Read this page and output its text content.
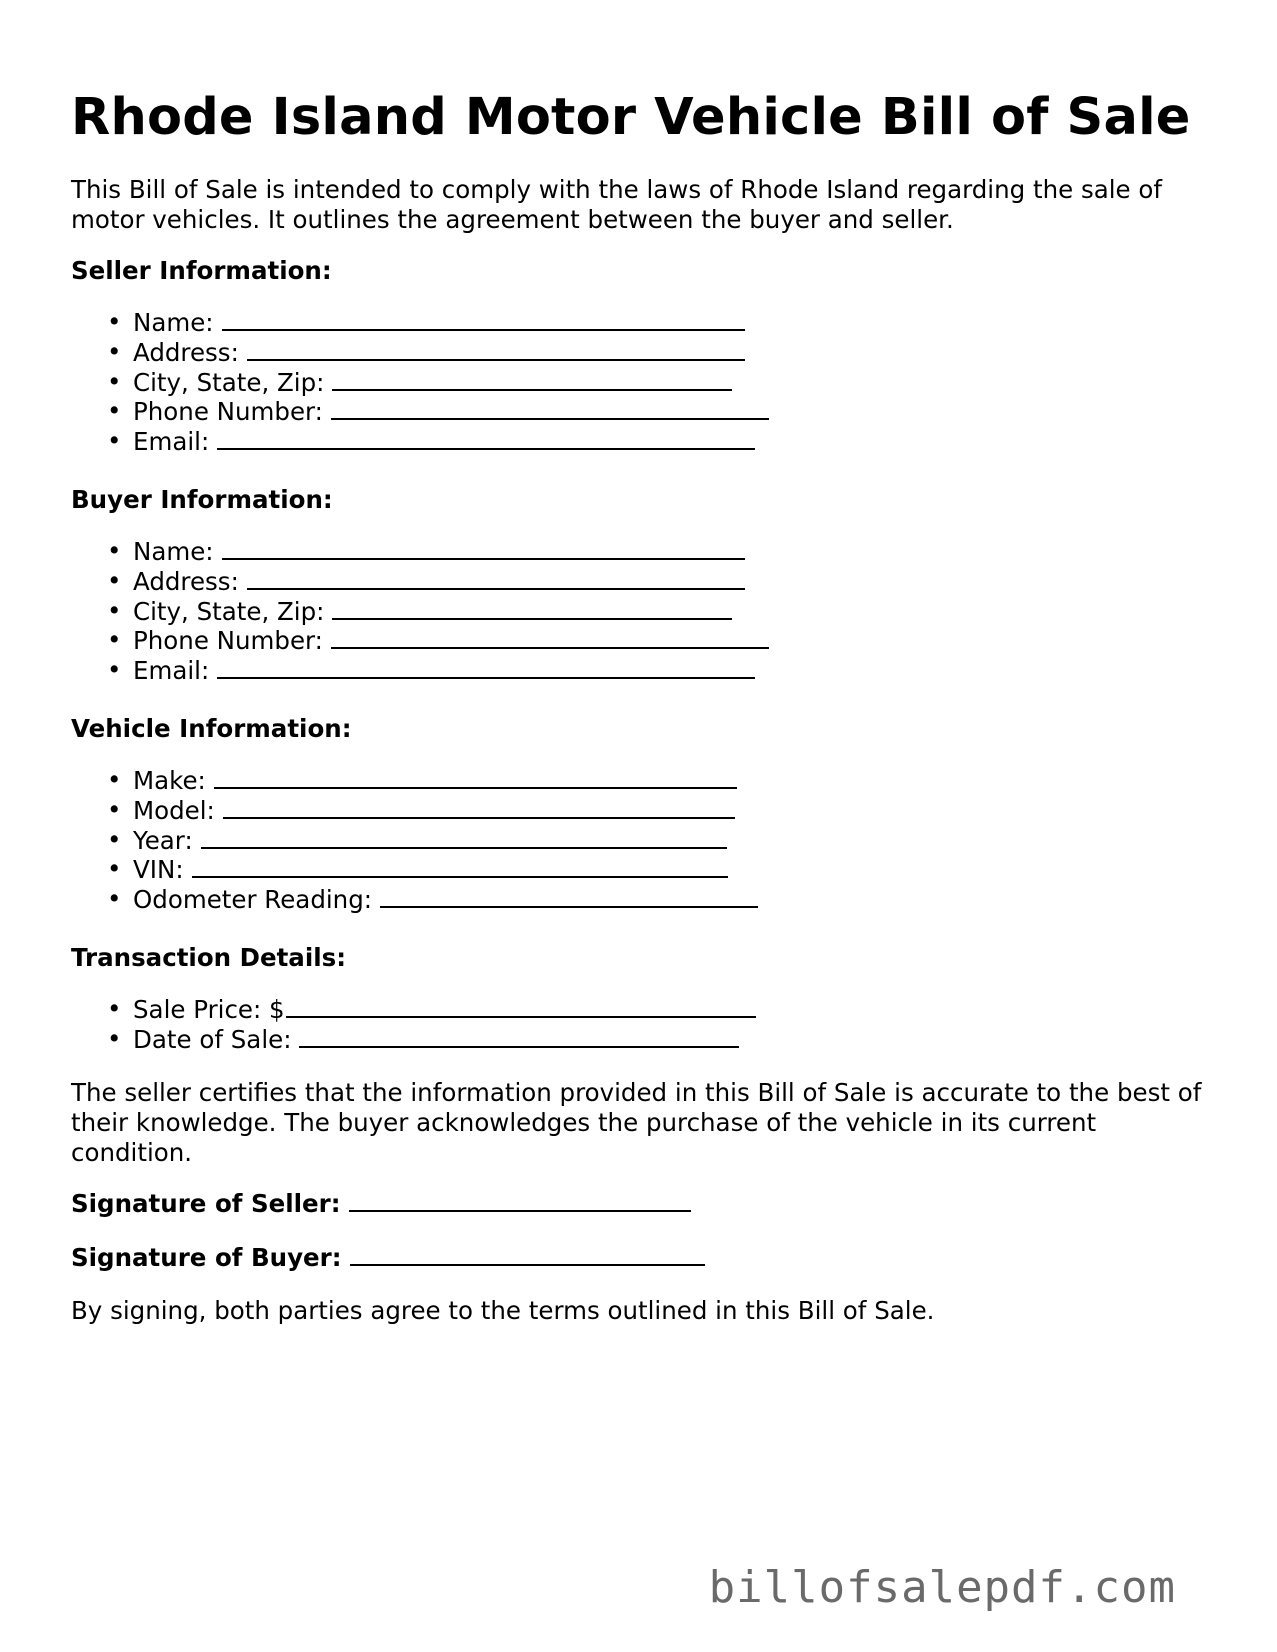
Rhode Island Motor Vehicle Bill of Sale

This Bill of Sale is intended to comply with the laws of Rhode Island regarding the sale of motor vehicles. It outlines the agreement between the buyer and seller.

Seller Information:
• Name:
• Address:
• City, State, Zip:
• Phone Number:
• Email:
Buyer Information:
• Name:
• Address:
• City, State, Zip:
• Phone Number:
• Email:
Vehicle Information:
• Make:
• Model:
• Year:
• VIN:
• Odometer Reading:
Transaction Details:
• Sale Price: $
• Date of Sale:

The seller certifies that the information provided in this Bill of Sale is accurate to the best of their knowledge. The buyer acknowledges the purchase of the vehicle in its current condition.

Signature of Seller:
Signature of Buyer:

By signing, both parties agree to the terms outlined in this Bill of Sale.

billofsalepdf.com
